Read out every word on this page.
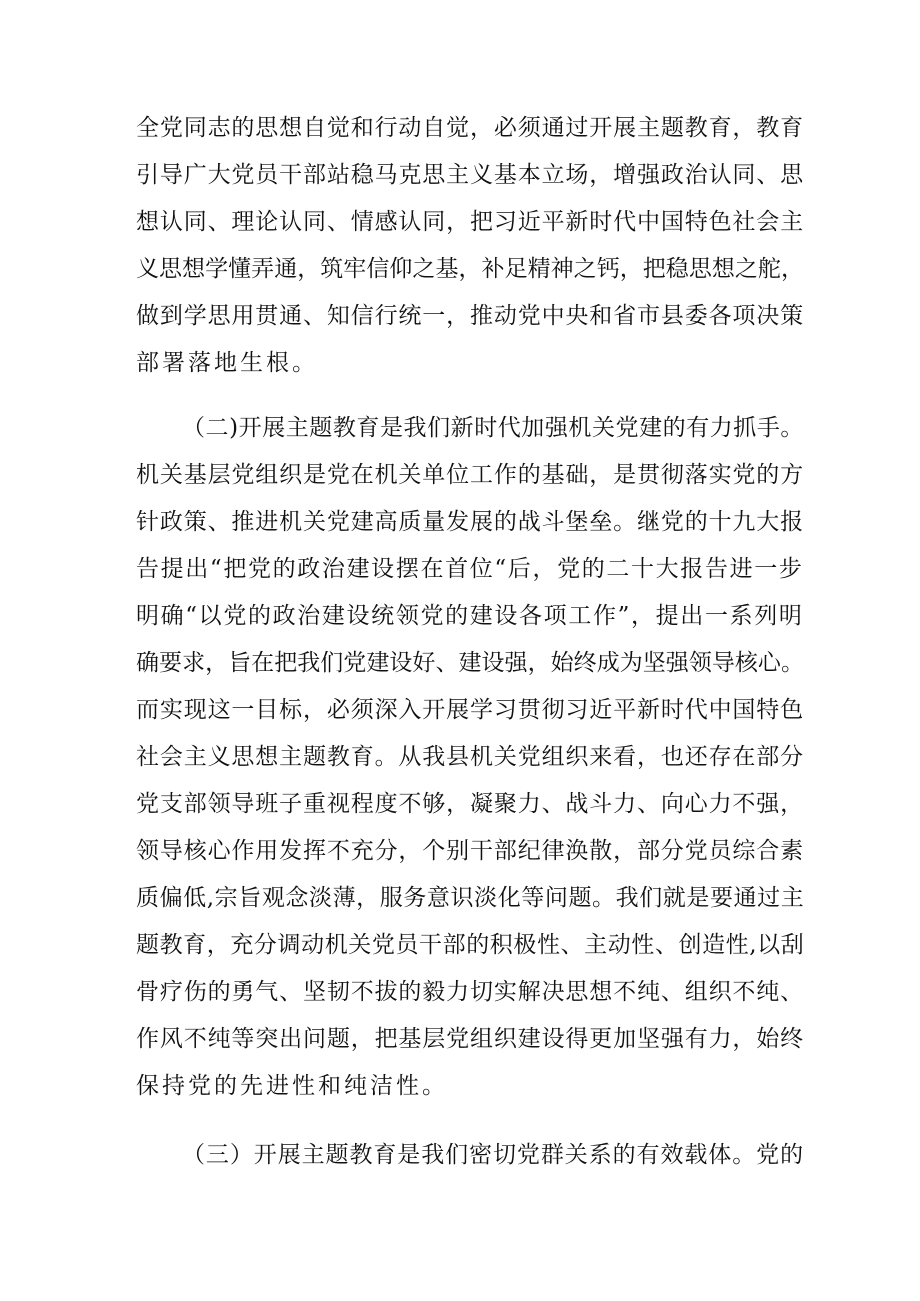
全党同志的思想自觉和行动自觉，必须通过开展主题教育，教育
引导广大党员干部站稳马克思主义基本立场，增强政治认同、思
想认同、理论认同、情感认同，把习近平新时代中国特色社会主
义思想学懂弄通，筑牢信仰之基，补足精神之钙，把稳思想之舵，
做到学思用贯通、知信行统一，推动党中央和省市县委各项决策
部署落地生根。
（二)开展主题教育是我们新时代加强机关党建的有力抓手。
机关基层党组织是党在机关单位工作的基础，是贯彻落实党的方
针政策、推进机关党建高质量发展的战斗堡垒。继党的十九大报
告提出“把党的政治建设摆在首位“后，党的二十大报告进一步
明确“以党的政治建设统领党的建设各项工作”，提出一系列明
确要求，旨在把我们党建设好、建设强，始终成为坚强领导核心。
而实现这一目标，必须深入开展学习贯彻习近平新时代中国特色
社会主义思想主题教育。从我县机关党组织来看，也还存在部分
党支部领导班子重视程度不够，凝聚力、战斗力、向心力不强，
领导核心作用发挥不充分，个别干部纪律涣散，部分党员综合素
质偏低,宗旨观念淡薄，服务意识淡化等问题。我们就是要通过主
题教育，充分调动机关党员干部的积极性、主动性、创造性,以刮
骨疗伤的勇气、坚韧不拔的毅力切实解决思想不纯、组织不纯、
作风不纯等突出问题，把基层党组织建设得更加坚强有力，始终
保持党的先进性和纯洁性。
（三）开展主题教育是我们密切党群关系的有效载体。党的
